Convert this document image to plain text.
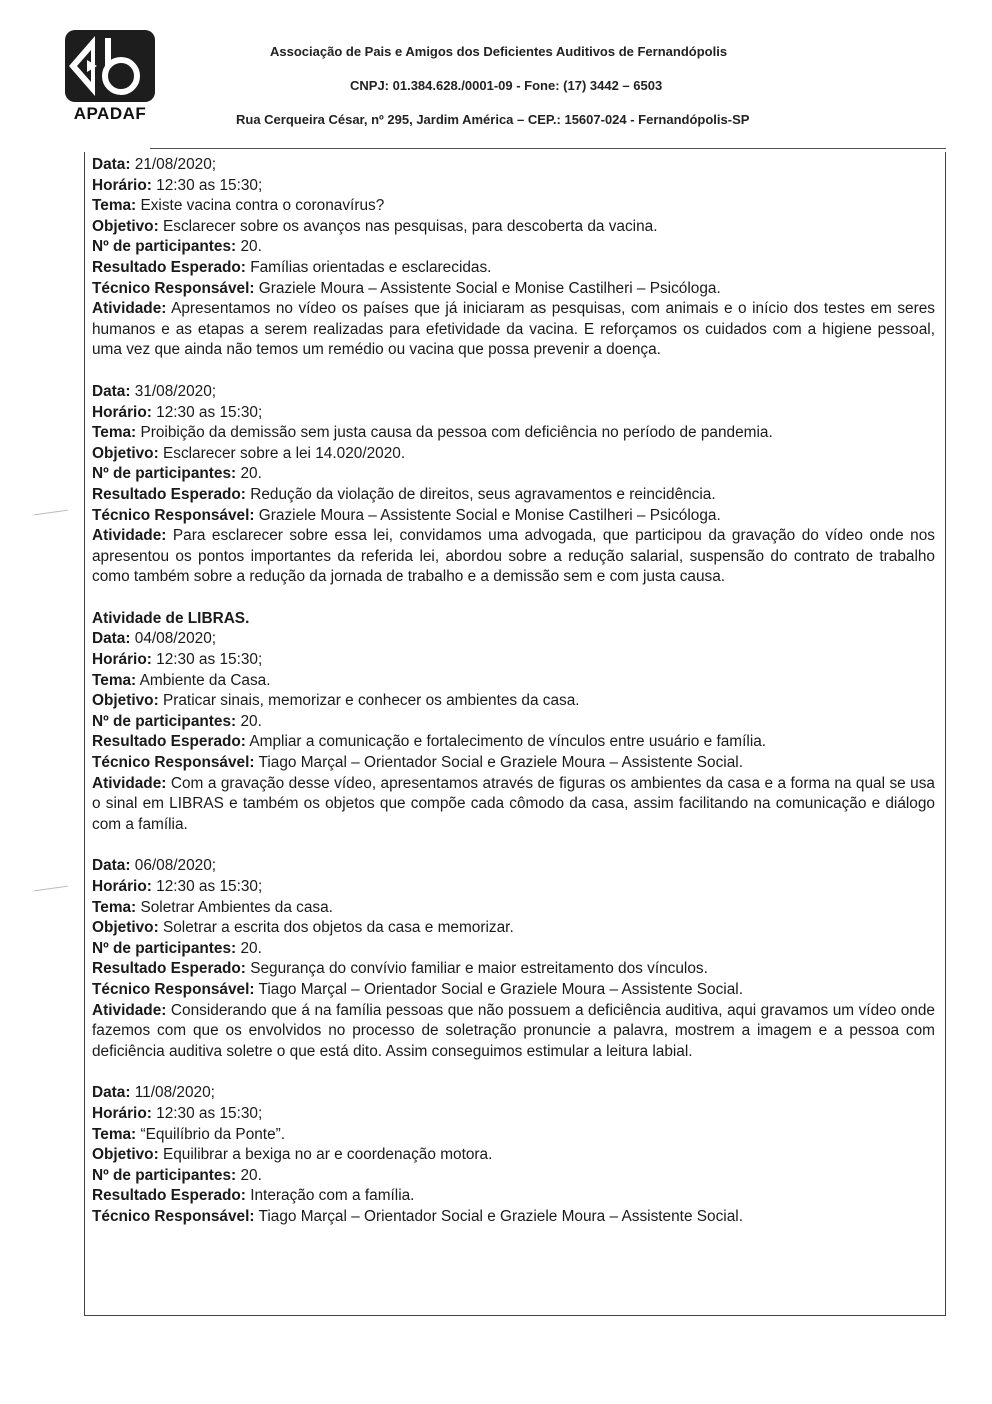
APADAF
Associação de Pais e Amigos dos Deficientes Auditivos de Fernandópolis
CNPJ: 01.384.628./0001-09 - Fone: (17) 3442 – 6503
Rua Cerqueira César, nº 295, Jardim América – CEP.: 15607-024 - Fernandópolis-SP
Data: 21/08/2020;
Horário: 12:30 as 15:30;
Tema: Existe vacina contra o coronavírus?
Objetivo: Esclarecer sobre os avanços nas pesquisas, para descoberta da vacina.
Nº de participantes: 20.
Resultado Esperado: Famílias orientadas e esclarecidas.
Técnico Responsável: Graziele Moura – Assistente Social e Monise Castilheri – Psicóloga.
Atividade: Apresentamos no vídeo os países que já iniciaram as pesquisas, com animais e o início dos testes em seres humanos e as etapas a serem realizadas para efetividade da vacina. E reforçamos os cuidados com a higiene pessoal, uma vez que ainda não temos um remédio ou vacina que possa prevenir a doença.
Data: 31/08/2020;
Horário: 12:30 as 15:30;
Tema: Proibição da demissão sem justa causa da pessoa com deficiência no período de pandemia.
Objetivo: Esclarecer sobre a lei 14.020/2020.
Nº de participantes: 20.
Resultado Esperado: Redução da violação de direitos, seus agravamentos e reincidência.
Técnico Responsável: Graziele Moura – Assistente Social e Monise Castilheri – Psicóloga.
Atividade: Para esclarecer sobre essa lei, convidamos uma advogada, que participou da gravação do vídeo onde nos apresentou os pontos importantes da referida lei, abordou sobre a redução salarial, suspensão do contrato de trabalho como também sobre a redução da jornada de trabalho e a demissão sem e com justa causa.
Atividade de LIBRAS.
Data: 04/08/2020;
Horário: 12:30 as 15:30;
Tema: Ambiente da Casa.
Objetivo: Praticar sinais, memorizar e conhecer os ambientes da casa.
Nº de participantes: 20.
Resultado Esperado: Ampliar a comunicação e fortalecimento de vínculos entre usuário e família.
Técnico Responsável: Tiago Marçal – Orientador Social e Graziele Moura – Assistente Social.
Atividade: Com a gravação desse vídeo, apresentamos através de figuras os ambientes da casa e a forma na qual se usa o sinal em LIBRAS e também os objetos que compõe cada cômodo da casa, assim facilitando na comunicação e diálogo com a família.
Data: 06/08/2020;
Horário: 12:30 as 15:30;
Tema: Soletrar Ambientes da casa.
Objetivo: Soletrar a escrita dos objetos da casa e memorizar.
Nº de participantes: 20.
Resultado Esperado: Segurança do convívio familiar e maior estreitamento dos vínculos.
Técnico Responsável: Tiago Marçal – Orientador Social e Graziele Moura – Assistente Social.
Atividade: Considerando que á na família pessoas que não possuem a deficiência auditiva, aqui gravamos um vídeo onde fazemos com que os envolvidos no processo de soletração pronuncie a palavra, mostrem a imagem e a pessoa com deficiência auditiva soletre o que está dito. Assim conseguimos estimular a leitura labial.
Data: 11/08/2020;
Horário: 12:30 as 15:30;
Tema: “Equilíbrio da Ponte”.
Objetivo: Equilibrar a bexiga no ar e coordenação motora.
Nº de participantes: 20.
Resultado Esperado: Interação com a família.
Técnico Responsável: Tiago Marçal – Orientador Social e Graziele Moura – Assistente Social.
